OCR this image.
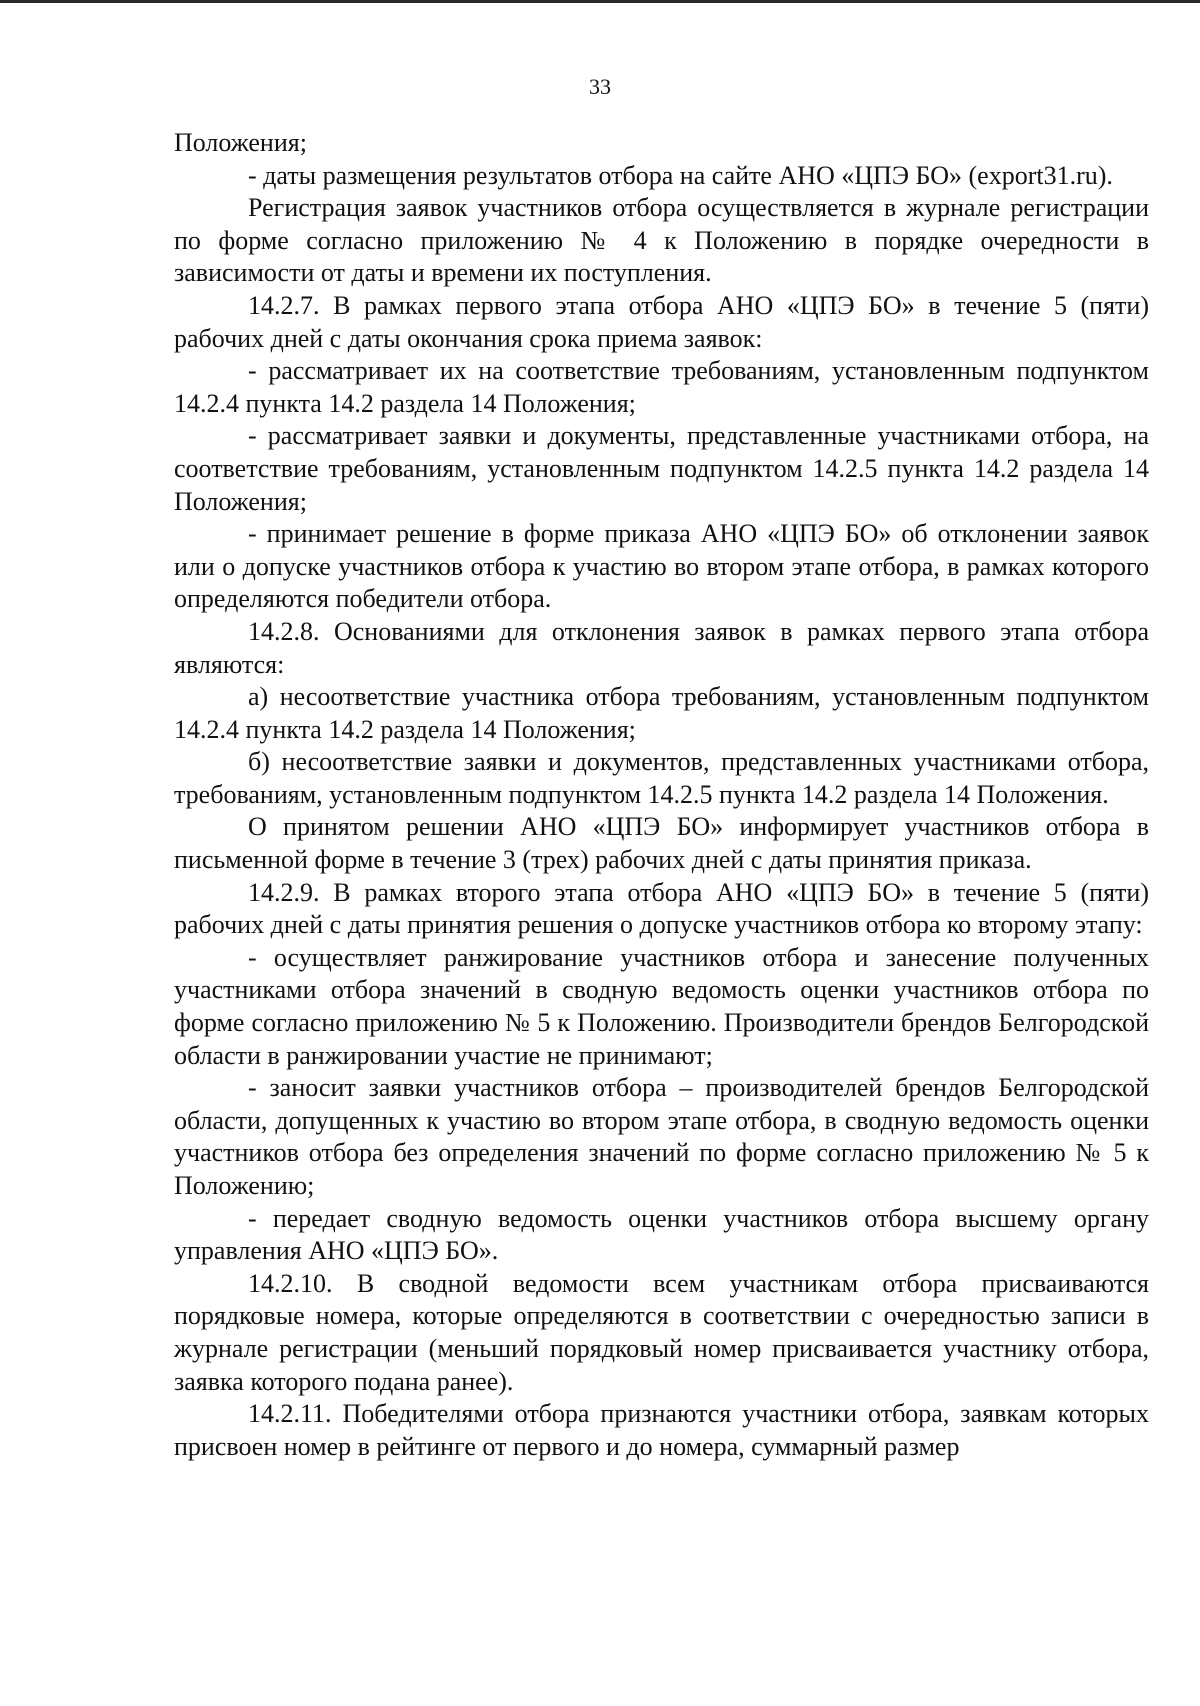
33

Положения;

- даты размещения результатов отбора на сайте АНО «ЦПЭ БО» (export31.ru).

Регистрация заявок участников отбора осуществляется в журнале регистрации по форме согласно приложению № 4 к Положению в порядке очередности в зависимости от даты и времени их поступления.

14.2.7. В рамках первого этапа отбора АНО «ЦПЭ БО» в течение 5 (пяти) рабочих дней с даты окончания срока приема заявок:

- рассматривает их на соответствие требованиям, установленным подпунктом 14.2.4 пункта 14.2 раздела 14 Положения;

- рассматривает заявки и документы, представленные участниками отбора, на соответствие требованиям, установленным подпунктом 14.2.5 пункта 14.2 раздела 14 Положения;

- принимает решение в форме приказа АНО «ЦПЭ БО» об отклонении заявок или о допуске участников отбора к участию во втором этапе отбора, в рамках которого определяются победители отбора.

14.2.8. Основаниями для отклонения заявок в рамках первого этапа отбора являются:

а) несоответствие участника отбора требованиям, установленным подпунктом 14.2.4 пункта 14.2 раздела 14 Положения;

б) несоответствие заявки и документов, представленных участниками отбора, требованиям, установленным подпунктом 14.2.5 пункта 14.2 раздела 14 Положения.

О принятом решении АНО «ЦПЭ БО» информирует участников отбора в письменной форме в течение 3 (трех) рабочих дней с даты принятия приказа.

14.2.9. В рамках второго этапа отбора АНО «ЦПЭ БО» в течение 5 (пяти) рабочих дней с даты принятия решения о допуске участников отбора ко второму этапу:

- осуществляет ранжирование участников отбора и занесение полученных участниками отбора значений в сводную ведомость оценки участников отбора по форме согласно приложению № 5 к Положению. Производители брендов Белгородской области в ранжировании участие не принимают;

- заносит заявки участников отбора – производителей брендов Белгородской области, допущенных к участию во втором этапе отбора, в сводную ведомость оценки участников отбора без определения значений по форме согласно приложению № 5 к Положению;

- передает сводную ведомость оценки участников отбора высшему органу управления АНО «ЦПЭ БО».

14.2.10. В сводной ведомости всем участникам отбора присваиваются порядковые номера, которые определяются в соответствии с очередностью записи в журнале регистрации (меньший порядковый номер присваивается участнику отбора, заявка которого подана ранее).

14.2.11. Победителями отбора признаются участники отбора, заявкам которых присвоен номер в рейтинге от первого и до номера, суммарный размер
